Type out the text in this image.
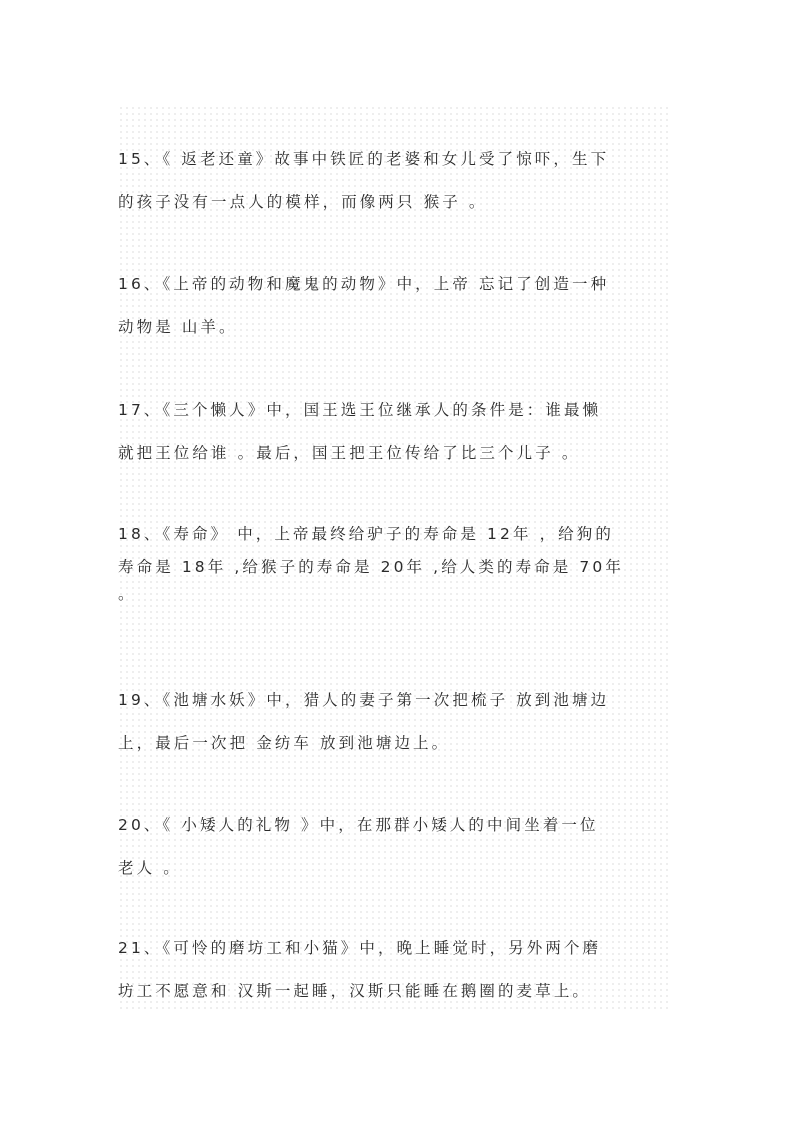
15、《 返老还童》故事中铁匠的老婆和女儿受了惊吓，生下
的孩子没有一点人的模样，而像两只 猴子 。
16、《上帝的动物和魔鬼的动物》中，上帝 忘记了创造一种
动物是 山羊。
17、《三个懒人》中，国王选王位继承人的条件是：谁最懒
就把王位给谁 。最后，国王把王位传给了比三个儿子 。
18、《寿命》 中，上帝最终给驴子的寿命是 12年 ，给狗的
寿命是 18年 ,给猴子的寿命是 20年 ,给人类的寿命是 70年
。
19、《池塘水妖》中，猎人的妻子第一次把梳子 放到池塘边
上，最后一次把 金纺车 放到池塘边上。
20、《 小矮人的礼物 》中，在那群小矮人的中间坐着一位
老人 。
21、《可怜的磨坊工和小猫》中，晚上睡觉时，另外两个磨
坊工不愿意和 汉斯一起睡，汉斯只能睡在鹅圈的麦草上。
